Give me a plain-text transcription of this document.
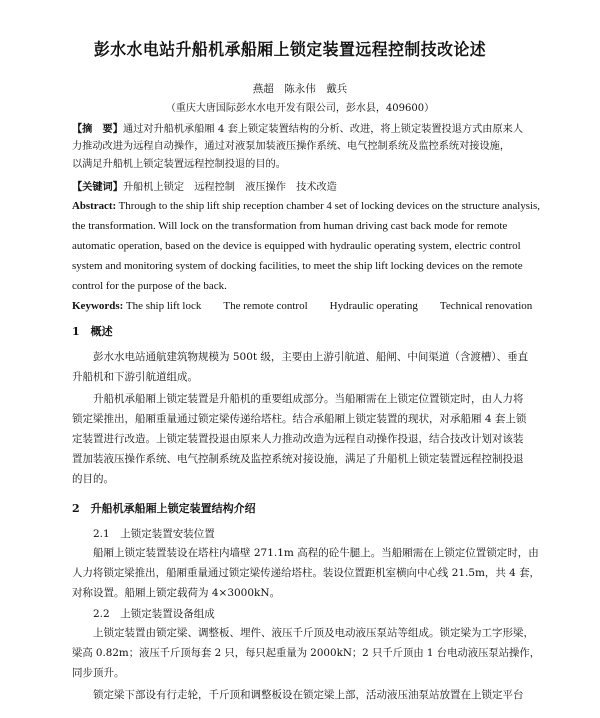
彭水水电站升船机承船厢上锁定装置远程控制技改论述
燕超　陈永伟　戴兵
（重庆大唐国际彭水水电开发有限公司，彭水县，409600）
【摘　要】通过对升船机承船厢 4 套上锁定装置结构的分析、改进，将上锁定装置投退方式由原来人
力推动改进为远程自动操作，通过对液泵加装液压操作系统、电气控制系统及监控系统对接设施，
以满足升船机上锁定装置远程控制投退的目的。
【关键词】升船机上锁定　远程控制　液压操作　技术改造
Abstract: Through to the ship lift ship reception chamber 4 set of locking devices on the structure analysis,
the transformation. Will lock on the transformation from human driving cast back mode for remote
automatic operation, based on the device is equipped with hydraulic operating system, electric control
system and monitoring system of docking facilities, to meet the ship lift locking devices on the remote
control for the purpose of the back.
Keywords: The ship lift lock　　The remote control　　Hydraulic operating　　Technical renovation
1　概述
　　彭水水电站通航建筑物规模为 500t 级，主要由上游引航道、船闸、中间渠道（含渡槽）、垂直
升船机和下游引航道组成。
　　升船机承船厢上锁定装置是升船机的重要组成部分。当船厢需在上锁定位置锁定时，由人力将
锁定梁推出，船厢重量通过锁定梁传递给塔柱。结合承船厢上锁定装置的现状，对承船厢 4 套上锁
定装置进行改造。上锁定装置投退由原来人力推动改造为远程自动操作投退，结合技改计划对该装
置加装液压操作系统、电气控制系统及监控系统对接设施，满足了升船机上锁定装置远程控制投退
的目的。
2　升船机承船厢上锁定装置结构介绍
2.1　上锁定装置安装位置
　　船厢上锁定装置装设在塔柱内墙壁 271.1m 高程的砼牛腿上。当船厢需在上锁定位置锁定时，由
人力将锁定梁推出，船厢重量通过锁定梁传递给塔柱。装设位置距机室横向中心线 21.5m，共 4 套，
对称设置。船厢上锁定载荷为 4×3000kN。
2.2　上锁定装置设备组成
　　上锁定装置由锁定梁、调整板、埋件、液压千斤顶及电动液压泵站等组成。锁定梁为工字形梁，
梁高 0.82m；液压千斤顶每套 2 只，每只起重量为 2000kN；2 只千斤顶由 1 台电动液压泵站操作，
同步顶升。
　　锁定梁下部设有行走轮，千斤顶和调整板设在锁定梁上部，活动液压油泵站放置在上锁定平台
